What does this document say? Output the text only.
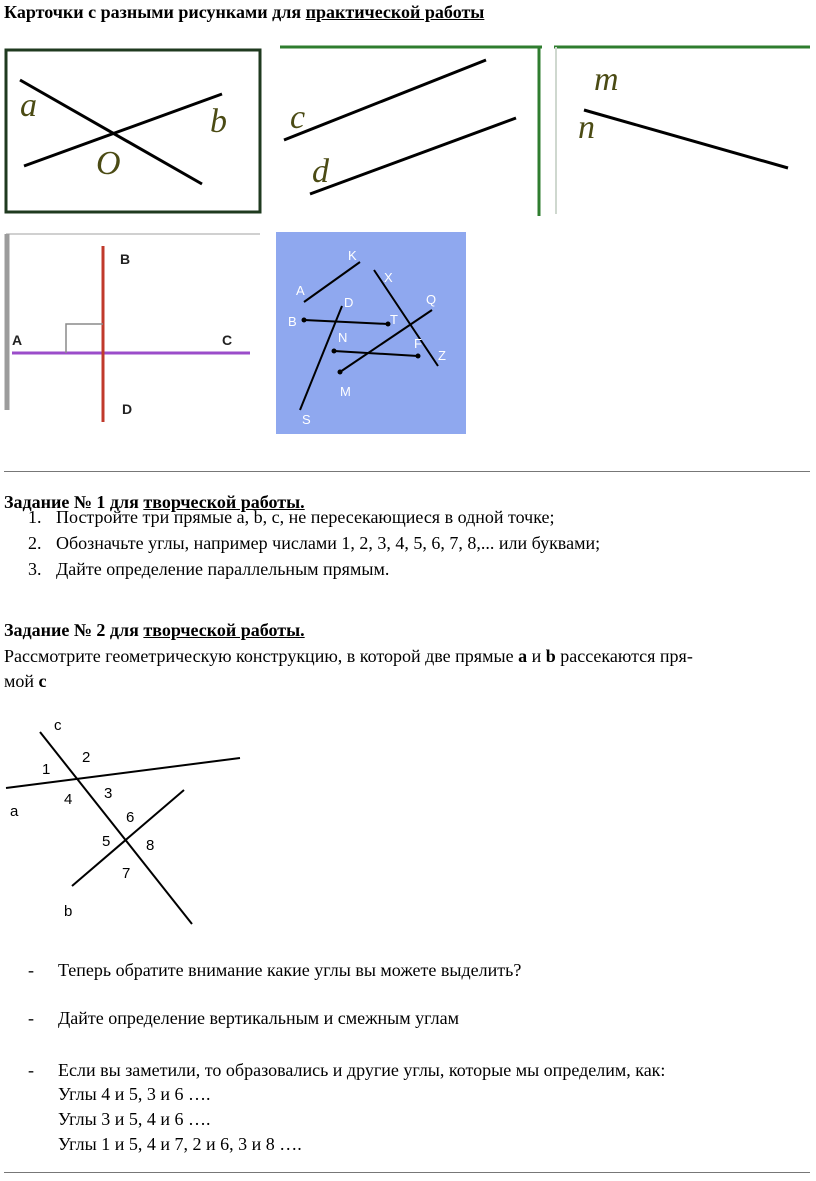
Карточки с разными рисунками для практической работы
a	b
O
c
d
m
n
B
A	C
D
K
A
D
X
Q
B	T
N	F
Z
M
S
Задание № 1 для творческой работы.
1. Постройте три прямые a, b, c, не пересекающиеся в одной точке;
2. Обозначьте углы, например числами 1, 2, 3, 4, 5, 6, 7, 8,... или буквами;
3. Дайте определение параллельным прямым.
Задание № 2 для творческой работы.
Рассмотрите геометрическую конструкцию, в которой две прямые a и b рассекаются пря-
мой c
c
a
b
1
2
3
4
5
6
7
8
- Теперь обратите внимание какие углы вы можете выделить?
- Дайте определение вертикальным и смежным углам
- Если вы заметили, то образовались и другие углы, которые мы определим, как:
Углы 4 и 5, 3 и 6 ….
Углы 3 и 5, 4 и 6 ….
Углы 1 и 5, 4 и 7, 2 и 6, 3 и 8 ….
